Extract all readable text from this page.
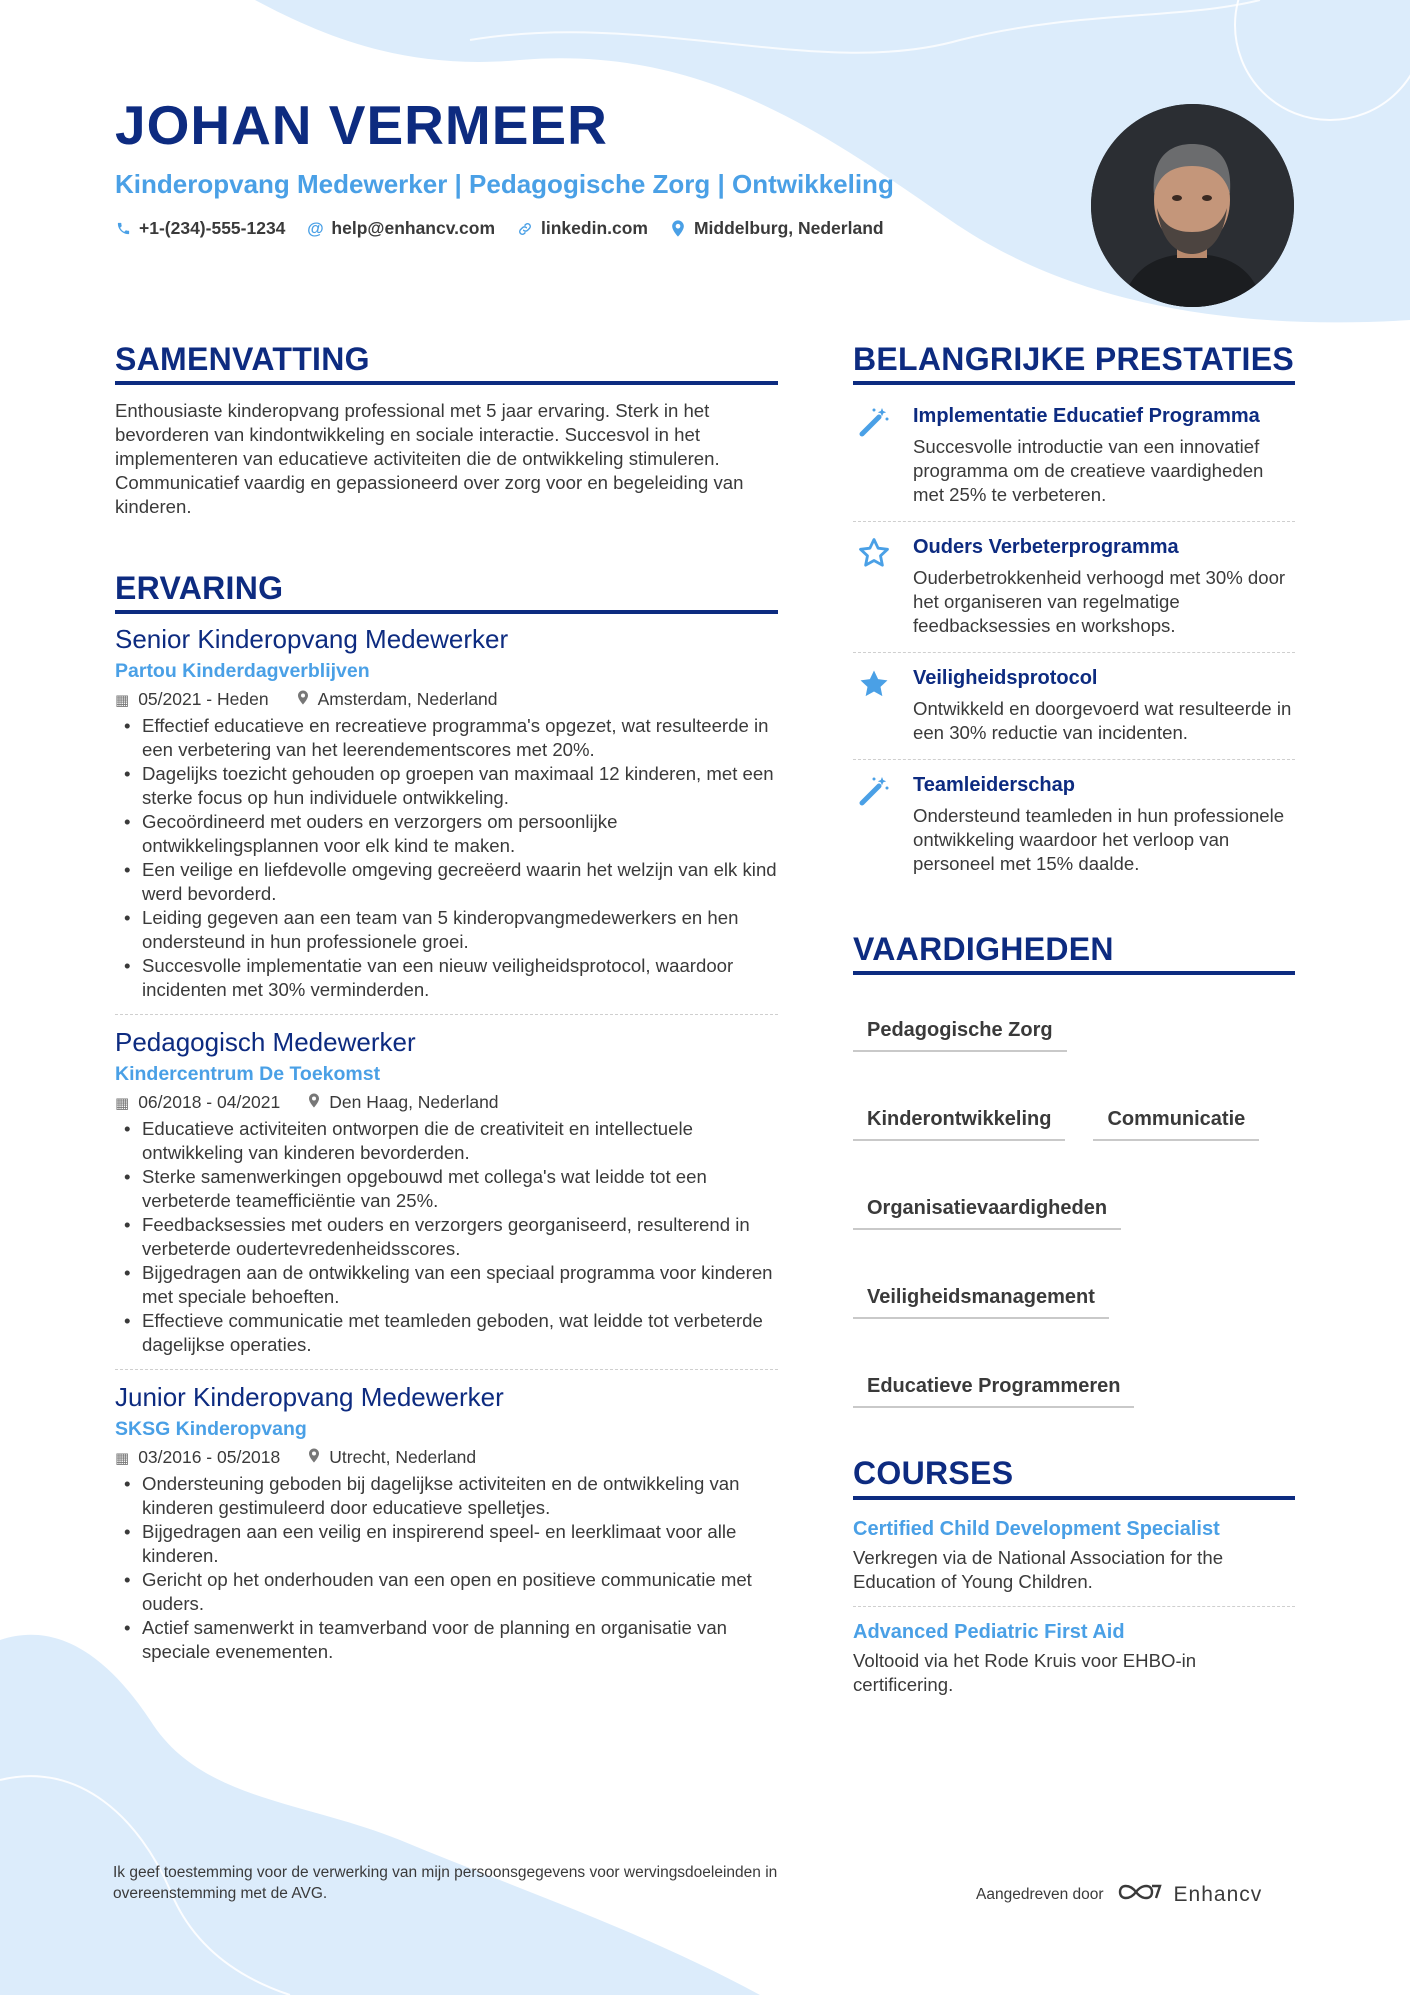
JOHAN VERMEER
Kinderopvang Medewerker | Pedagogische Zorg | Ontwikkeling
+1-(234)-555-1234 @ help@enhancv.com	linkedin.com	Middelburg, Nederland
SAMENVATTING

Enthousiaste kinderopvang professional met 5 jaar ervaring. Sterk in het bevorderen van kindontwikkeling en sociale interactie. Succesvol in het implementeren van educatieve activiteiten die de ontwikkeling stimuleren. Communicatief vaardig en gepassioneerd over zorg voor en begeleiding van kinderen.

ERVARING
Senior Kinderopvang Medewerker
Partou Kinderdagverblijven
▦ 05/2021 - Heden	Amsterdam, Nederland
• Effectief educatieve en recreatieve programma's opgezet, wat resulteerde in een verbetering van het leerendementscores met 20%.
• Dagelijks toezicht gehouden op groepen van maximaal 12 kinderen, met een sterke focus op hun individuele ontwikkeling.
• Gecoördineerd met ouders en verzorgers om persoonlijke ontwikkelingsplannen voor elk kind te maken.
• Een veilige en liefdevolle omgeving gecreëerd waarin het welzijn van elk kind werd bevorderd.
• Leiding gegeven aan een team van 5 kinderopvangmedewerkers en hen ondersteund in hun professionele groei.
• Succesvolle implementatie van een nieuw veiligheidsprotocol, waardoor incidenten met 30% verminderden.
Pedagogisch Medewerker
Kindercentrum De Toekomst
▦ 06/2018 - 04/2021	Den Haag, Nederland
• Educatieve activiteiten ontworpen die de creativiteit en intellectuele ontwikkeling van kinderen bevorderden.
• Sterke samenwerkingen opgebouwd met collega's wat leidde tot een verbeterde teamefficiëntie van 25%.
• Feedbacksessies met ouders en verzorgers georganiseerd, resulterend in verbeterde oudertevredenheidsscores.
• Bijgedragen aan de ontwikkeling van een speciaal programma voor kinderen met speciale behoeften.
• Effectieve communicatie met teamleden geboden, wat leidde tot verbeterde dagelijkse operaties.
Junior Kinderopvang Medewerker
SKSG Kinderopvang
▦ 03/2016 - 05/2018	Utrecht, Nederland
• Ondersteuning geboden bij dagelijkse activiteiten en de ontwikkeling van kinderen gestimuleerd door educatieve spelletjes.
• Bijgedragen aan een veilig en inspirerend speel- en leerklimaat voor alle kinderen.
• Gericht op het onderhouden van een open en positieve communicatie met ouders.
• Actief samenwerkt in teamverband voor de planning en organisatie van speciale evenementen.
BELANGRIJKE PRESTATIES
Implementatie Educatief Programma
Succesvolle introductie van een innovatief programma om de creatieve vaardigheden met 25% te verbeteren.
Ouders Verbeterprogramma
Ouderbetrokkenheid verhoogd met 30% door het organiseren van regelmatige feedbacksessies en workshops.
Veiligheidsprotocol
Ontwikkeld en doorgevoerd wat resulteerde in een 30% reductie van incidenten.
Teamleiderschap
Ondersteund teamleden in hun professionele ontwikkeling waardoor het verloop van personeel met 15% daalde.
VAARDIGHEDEN
Pedagogische Zorg
Kinderontwikkeling	Communicatie
Organisatievaardigheden
Veiligheidsmanagement
Educatieve Programmeren
COURSES
Certified Child Development Specialist
Verkregen via de National Association for the Education of Young Children.
Advanced Pediatric First Aid
Voltooid via het Rode Kruis voor EHBO-in certificering.
Ik geef toestemming voor de verwerking van mijn persoonsgegevens voor wervingsdoeleinden in overeenstemming met de AVG.	Aangedreven door	Enhancv
